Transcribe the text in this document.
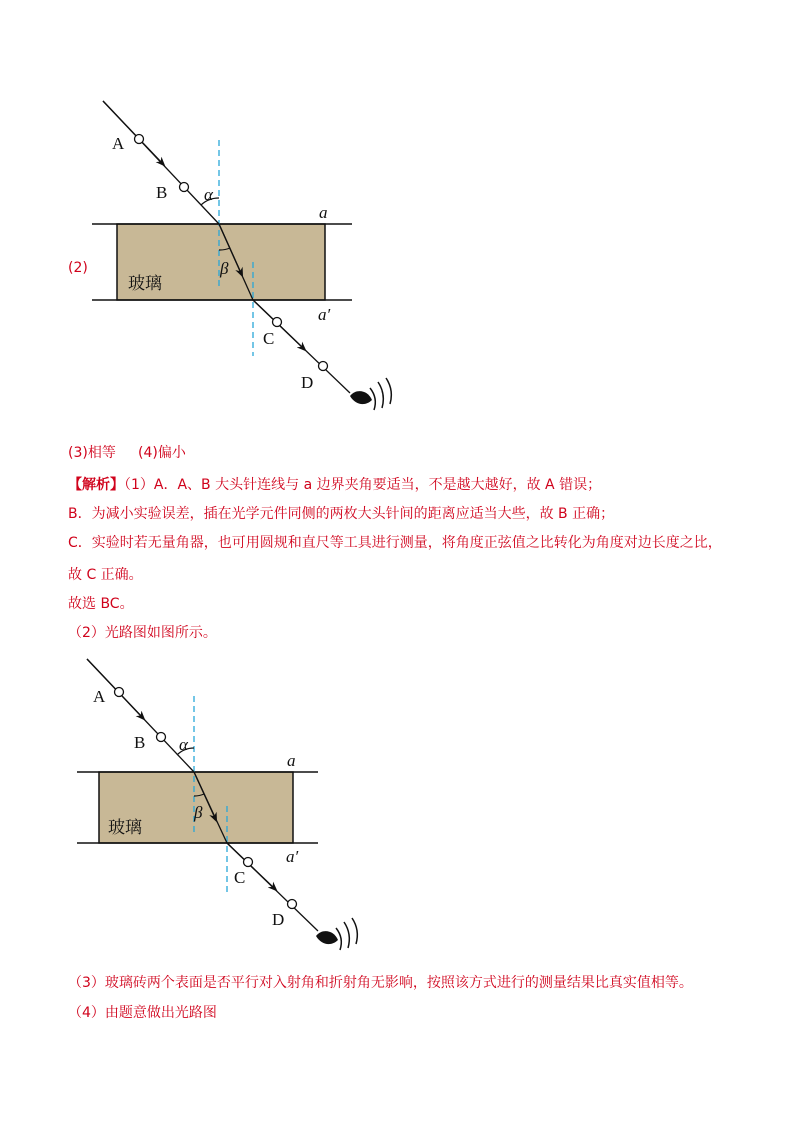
(2)
A
B
C
D
α
β
a
a′
玻璃
(3)相等 (4)偏小
【解析】（1）A．A、B 大头针连线与 a 边界夹角要适当，不是越大越好，故 A 错误；
B．为减小实验误差，插在光学元件同侧的两枚大头针间的距离应适当大些，故 B 正确；
C．实验时若无量角器，也可用圆规和直尺等工具进行测量，将角度正弦值之比转化为角度对边长度之比，
故 C 正确。
故选 BC。
（2）光路图如图所示。
A
B
C
D
α
β
a
a′
玻璃
（3）玻璃砖两个表面是否平行对入射角和折射角无影响，按照该方式进行的测量结果比真实值相等。
（4）由题意做出光路图
